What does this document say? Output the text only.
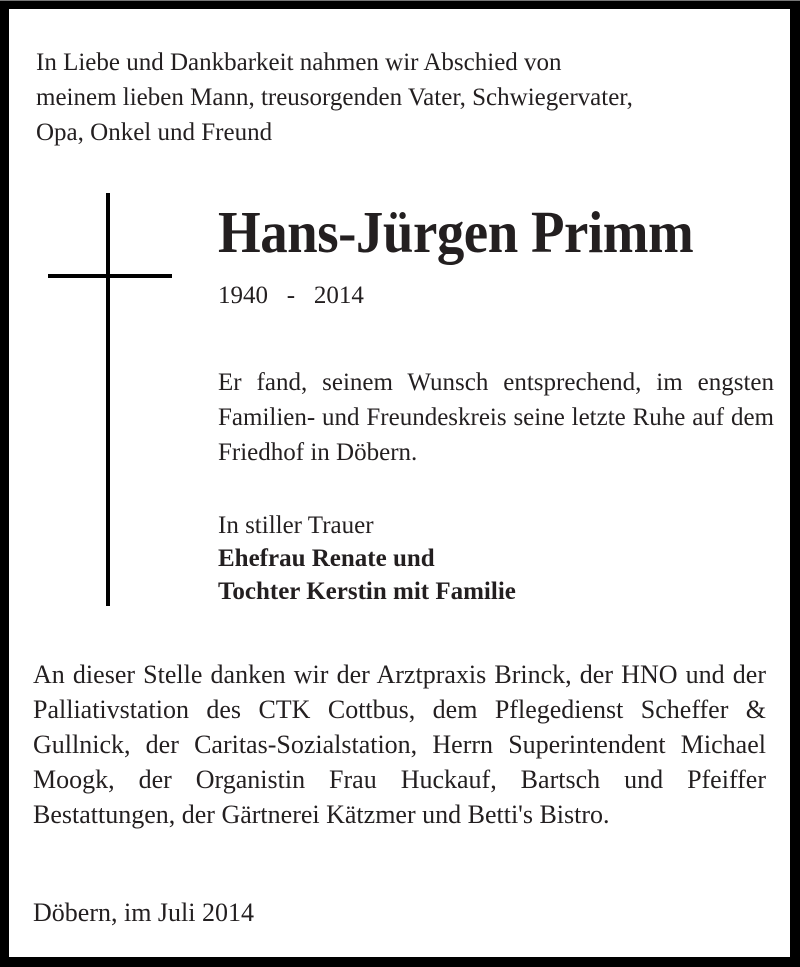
In Liebe und Dankbarkeit nahmen wir Abschied von
meinem lieben Mann, treusorgenden Vater, Schwiegervater,
Opa, Onkel und Freund
Hans-Jürgen Primm
1940   -   2014
Er fand, seinem Wunsch entsprechend, im engsten Familien- und Freundeskreis seine letzte Ruhe auf dem Friedhof in Döbern.
In stiller Trauer
Ehefrau Renate und
Tochter Kerstin mit Familie
An dieser Stelle danken wir der Arztpraxis Brinck, der HNO und der Palliativstation des CTK Cottbus, dem Pflegedienst Scheffer & Gullnick, der Caritas-Sozialstation, Herrn Superintendent Michael Moogk, der Organistin Frau Huckauf, Bartsch und Pfeiffer Bestattungen, der Gärtnerei Kätzmer und Betti's Bistro.
Döbern, im Juli 2014
